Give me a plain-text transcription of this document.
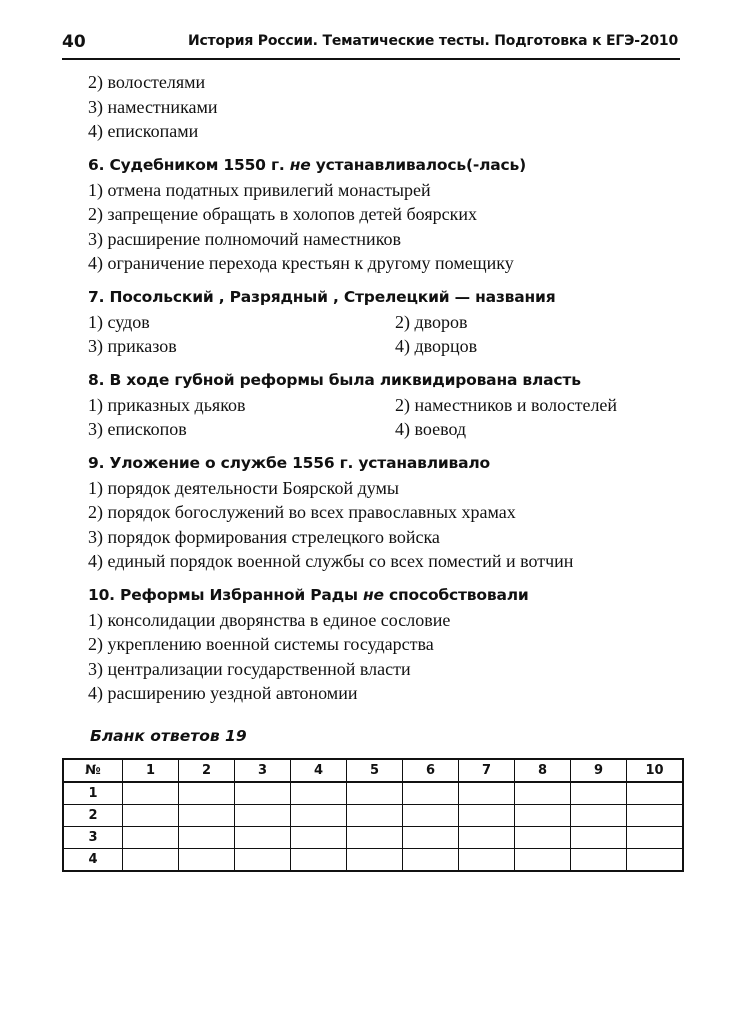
40	История России. Тематические тесты. Подготовка к ЕГЭ-2010
2) волостелями
3) наместниками
4) епископами
6. Судебником 1550 г. не устанавливалось(-лась)
1) отмена податных привилегий монастырей
2) запрещение обращать в холопов детей боярских
3) расширение полномочий наместников
4) ограничение перехода крестьян к другому помещику
7. Посольский , Разрядный , Стрелецкий — названия
1) судов	2) дворов
3) приказов	4) дворцов
8. В ходе губной реформы была ликвидирована власть
1) приказных дьяков	2) наместников и волостелей
3) епископов	4) воевод
9. Уложение о службе 1556 г. устанавливало
1) порядок деятельности Боярской думы
2) порядок богослужений во всех православных храмах
3) порядок формирования стрелецкого войска
4) единый порядок военной службы со всех поместий и вотчин
10. Реформы Избранной Рады не способствовали
1) консолидации дворянства в единое сословие
2) укреплению военной системы государства
3) централизации государственной власти
4) расширению уездной автономии
Бланк ответов 19
№	1	2	3	4	5	6	7	8	9	10
1										
2										
3										
4										
